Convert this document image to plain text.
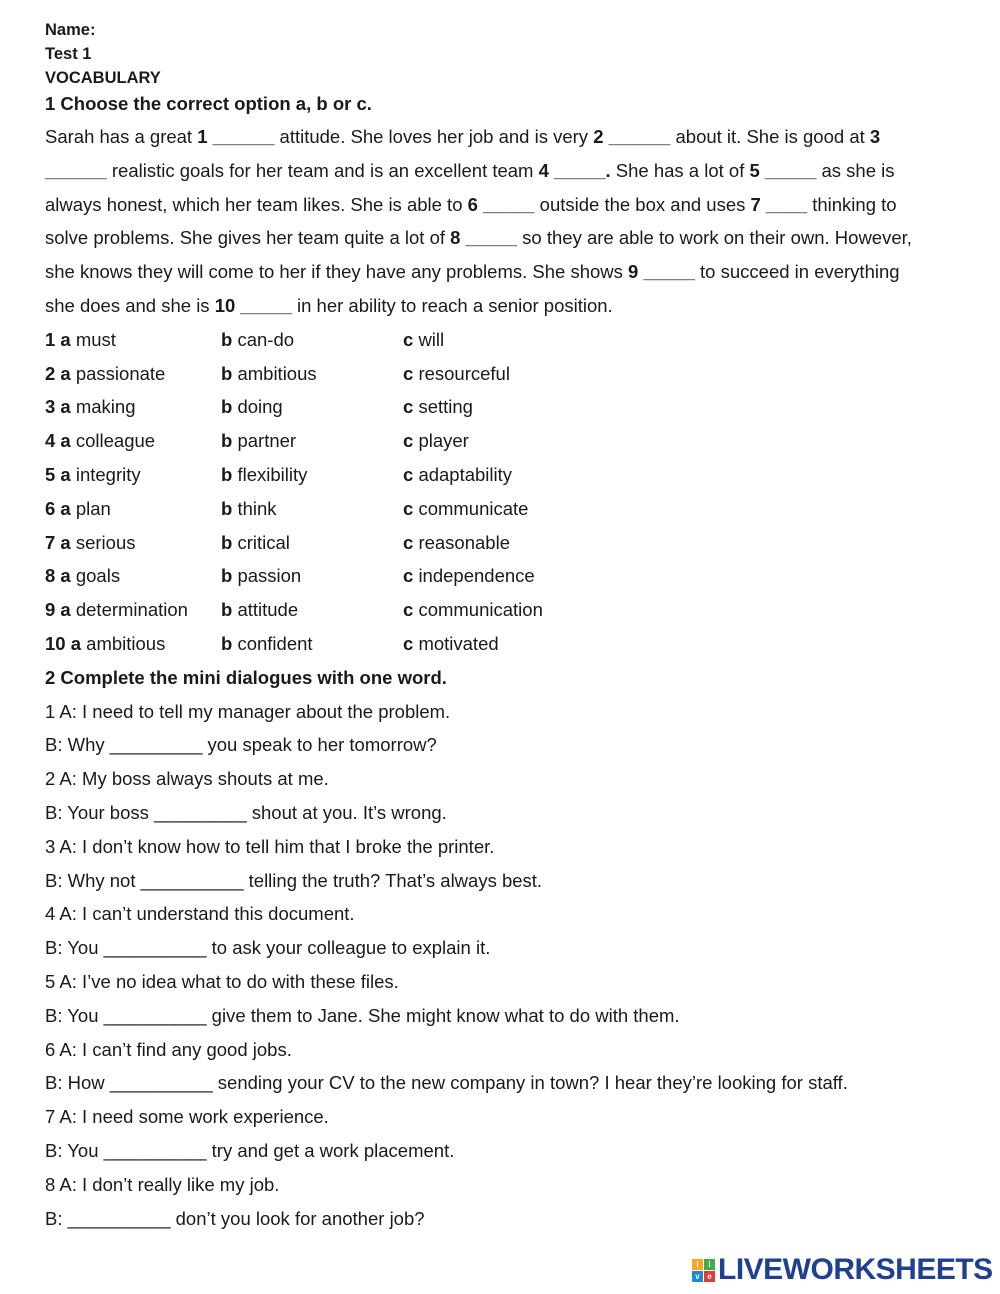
Name:
Test 1
VOCABULARY
1 Choose the correct option a, b or c.
Sarah has a great 1 ______ attitude. She loves her job and is very 2 ______ about it. She is good at 3
______ realistic goals for her team and is an excellent team 4 _____. She has a lot of 5 _____ as she is
always honest, which her team likes. She is able to 6 _____ outside the box and uses 7 ____ thinking to
solve problems. She gives her team quite a lot of 8 _____ so they are able to work on their own. However,
she knows they will come to her if they have any problems. She shows 9 _____ to succeed in everything
she does and she is 10 _____ in her ability to reach a senior position.
1 a must	b can-do	c will
2 a passionate	b ambitious	c resourceful
3 a making	b doing	c setting
4 a colleague	b partner	c player
5 a integrity	b flexibility	c adaptability
6 a plan	b think	c communicate
7 a serious	b critical	c reasonable
8 a goals	b passion	c independence
9 a determination b attitude	c communication
10 a ambitious	b confident	c motivated
2 Complete the mini dialogues with one word.
1 A: I need to tell my manager about the problem.
B: Why _________ you speak to her tomorrow?
2 A: My boss always shouts at me.
B: Your boss _________ shout at you. It’s wrong.
3 A: I don’t know how to tell him that I broke the printer.
B: Why not __________ telling the truth? That’s always best.
4 A: I can’t understand this document.
B: You __________ to ask your colleague to explain it.
5 A: I’ve no idea what to do with these files.
B: You __________ give them to Jane. She might know what to do with them.
6 A: I can’t find any good jobs.
B: How __________ sending your CV to the new company in town? I hear they’re looking for staff.
7 A: I need some work experience.
B: You __________ try and get a work placement.
8 A: I don’t really like my job.
B: __________ don’t you look for another job?
l	i
v e LIVEWORKSHEETS
